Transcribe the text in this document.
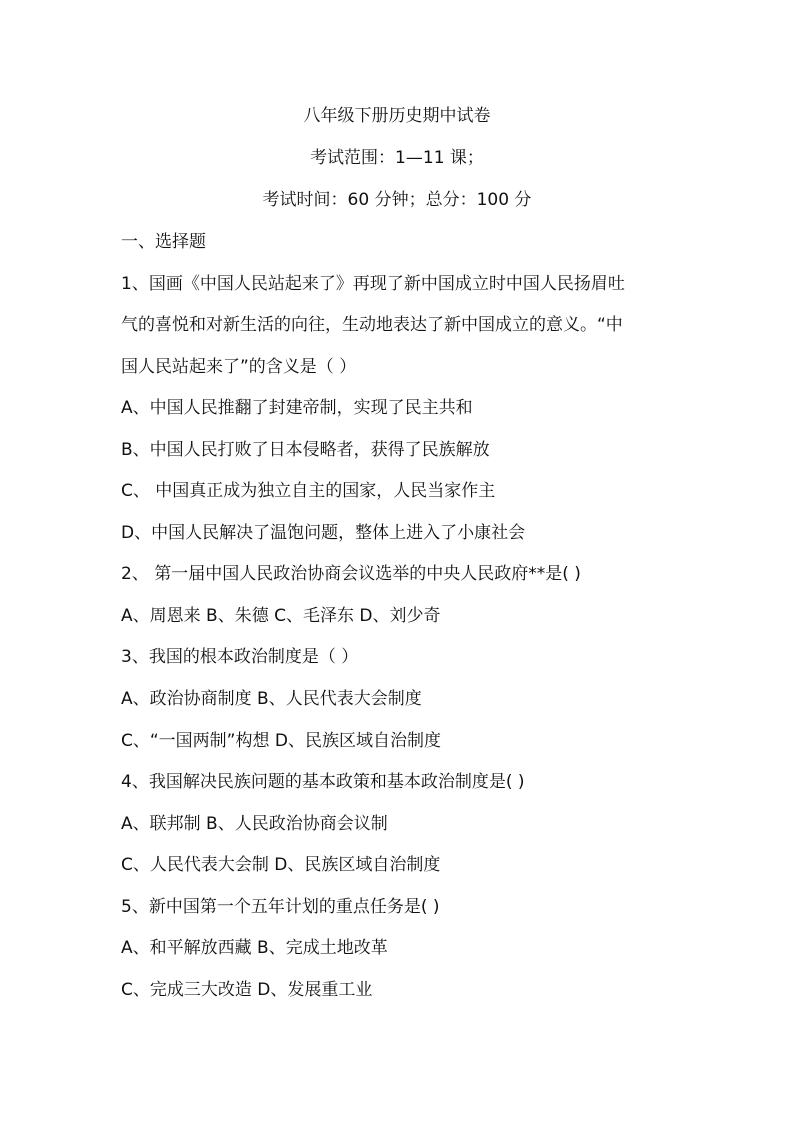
八年级下册历史期中试卷
考试范围：1—11 课；
考试时间：60 分钟；总分：100 分
一、选择题
1、国画《中国人民站起来了》再现了新中国成立时中国人民扬眉吐
气的喜悦和对新生活的向往，生动地表达了新中国成立的意义。“中
国人民站起来了”的含义是（ ）
A、中国人民推翻了封建帝制，实现了民主共和
B、中国人民打败了日本侵略者，获得了民族解放
C、 中国真正成为独立自主的国家，人民当家作主
D、中国人民解决了温饱问题，整体上进入了小康社会
2、 第一届中国人民政治协商会议选举的中央人民政府**是( )
A、周恩来 B、朱德 C、毛泽东 D、刘少奇
3、我国的根本政治制度是（ ）
A、政治协商制度 B、人民代表大会制度
C、“一国两制”构想 D、民族区域自治制度
4、我国解决民族问题的基本政策和基本政治制度是( )
A、联邦制 B、人民政治协商会议制
C、人民代表大会制 D、民族区域自治制度
5、新中国第一个五年计划的重点任务是( )
A、和平解放西藏 B、完成土地改革
C、完成三大改造 D、发展重工业
